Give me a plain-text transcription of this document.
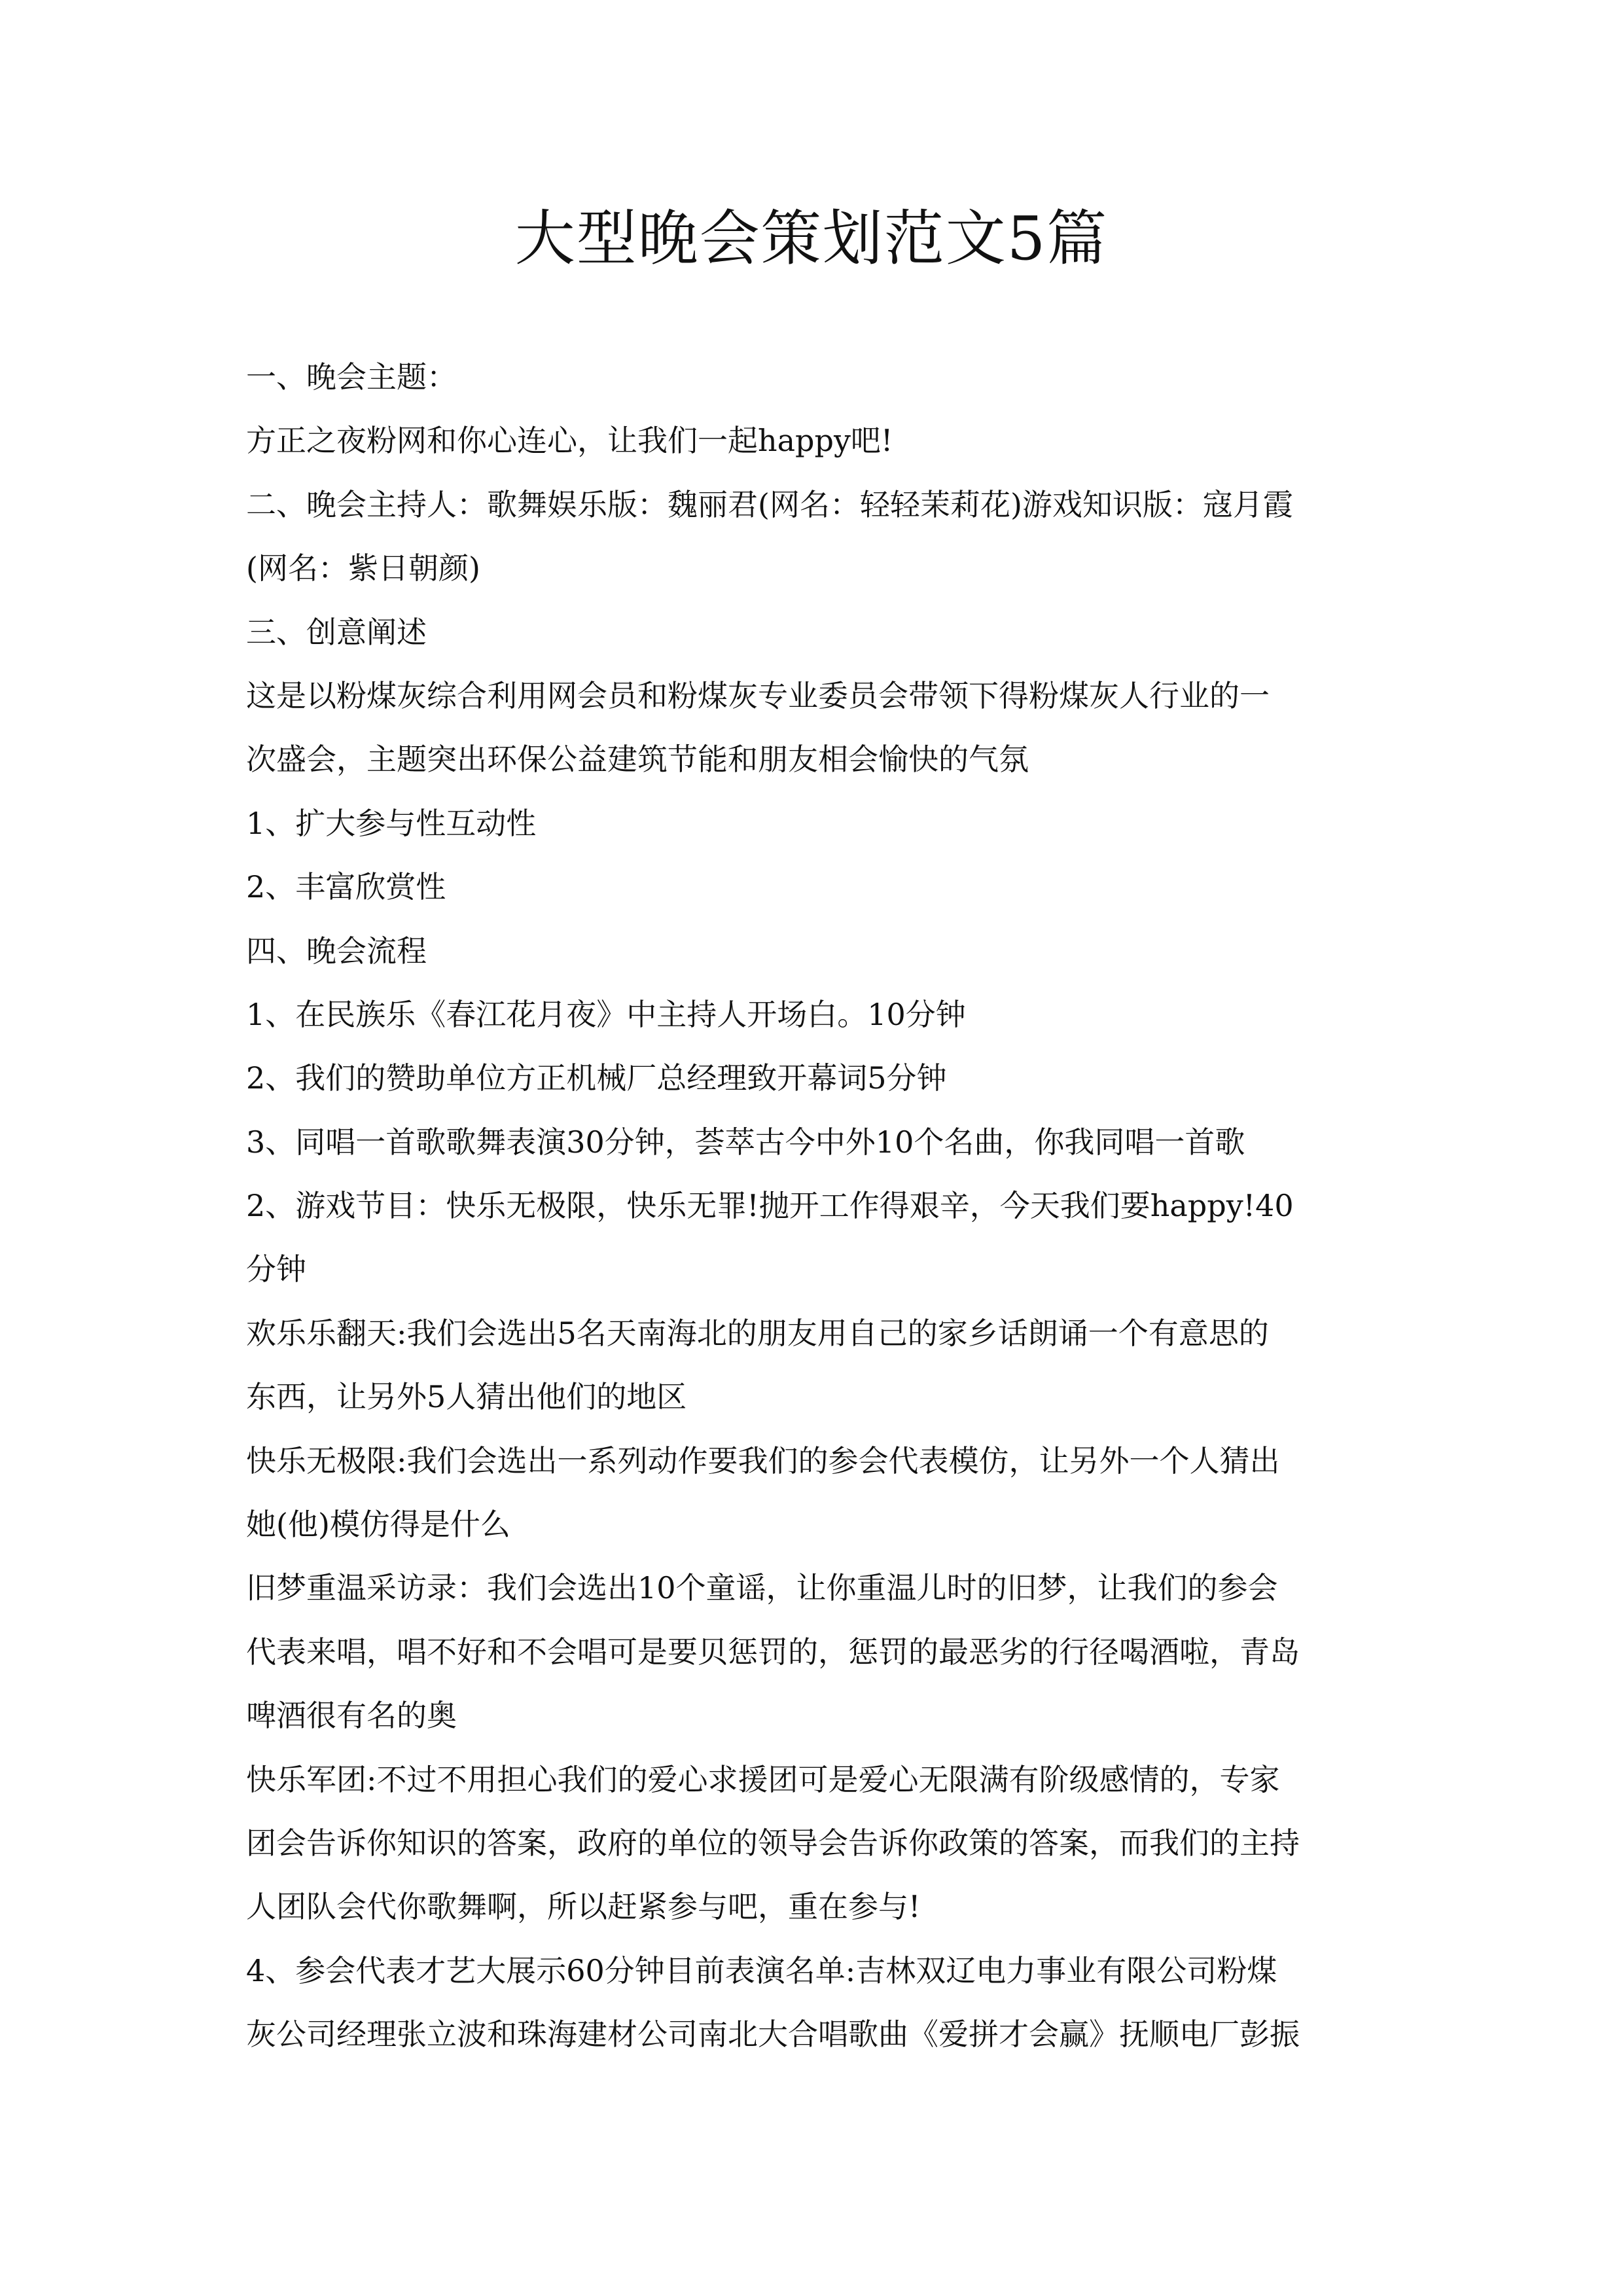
大型晚会策划范文5篇
一、晚会主题：
方正之夜粉网和你心连心，让我们一起happy吧!
二、晚会主持人：歌舞娱乐版：魏丽君(网名：轻轻茉莉花)游戏知识版：寇月霞
(网名：紫日朝颜)
三、创意阐述
这是以粉煤灰综合利用网会员和粉煤灰专业委员会带领下得粉煤灰人行业的一
次盛会，主题突出环保公益建筑节能和朋友相会愉快的气氛
1、扩大参与性互动性
2、丰富欣赏性
四、晚会流程
1、在民族乐《春江花月夜》中主持人开场白。10分钟
2、我们的赞助单位方正机械厂总经理致开幕词5分钟
3、同唱一首歌歌舞表演30分钟，荟萃古今中外10个名曲，你我同唱一首歌
2、游戏节目：快乐无极限，快乐无罪!抛开工作得艰辛，今天我们要happy!40
分钟
欢乐乐翻天:我们会选出5名天南海北的朋友用自己的家乡话朗诵一个有意思的
东西，让另外5人猜出他们的地区
快乐无极限:我们会选出一系列动作要我们的参会代表模仿，让另外一个人猜出
她(他)模仿得是什么
旧梦重温采访录：我们会选出10个童谣，让你重温儿时的旧梦，让我们的参会
代表来唱，唱不好和不会唱可是要贝惩罚的，惩罚的最恶劣的行径喝酒啦，青岛
啤酒很有名的奥
快乐军团:不过不用担心我们的爱心求援团可是爱心无限满有阶级感情的，专家
团会告诉你知识的答案，政府的单位的领导会告诉你政策的答案，而我们的主持
人团队会代你歌舞啊，所以赶紧参与吧，重在参与!
4、参会代表才艺大展示60分钟目前表演名单:吉林双辽电力事业有限公司粉煤
灰公司经理张立波和珠海建材公司南北大合唱歌曲《爱拼才会赢》抚顺电厂彭振
